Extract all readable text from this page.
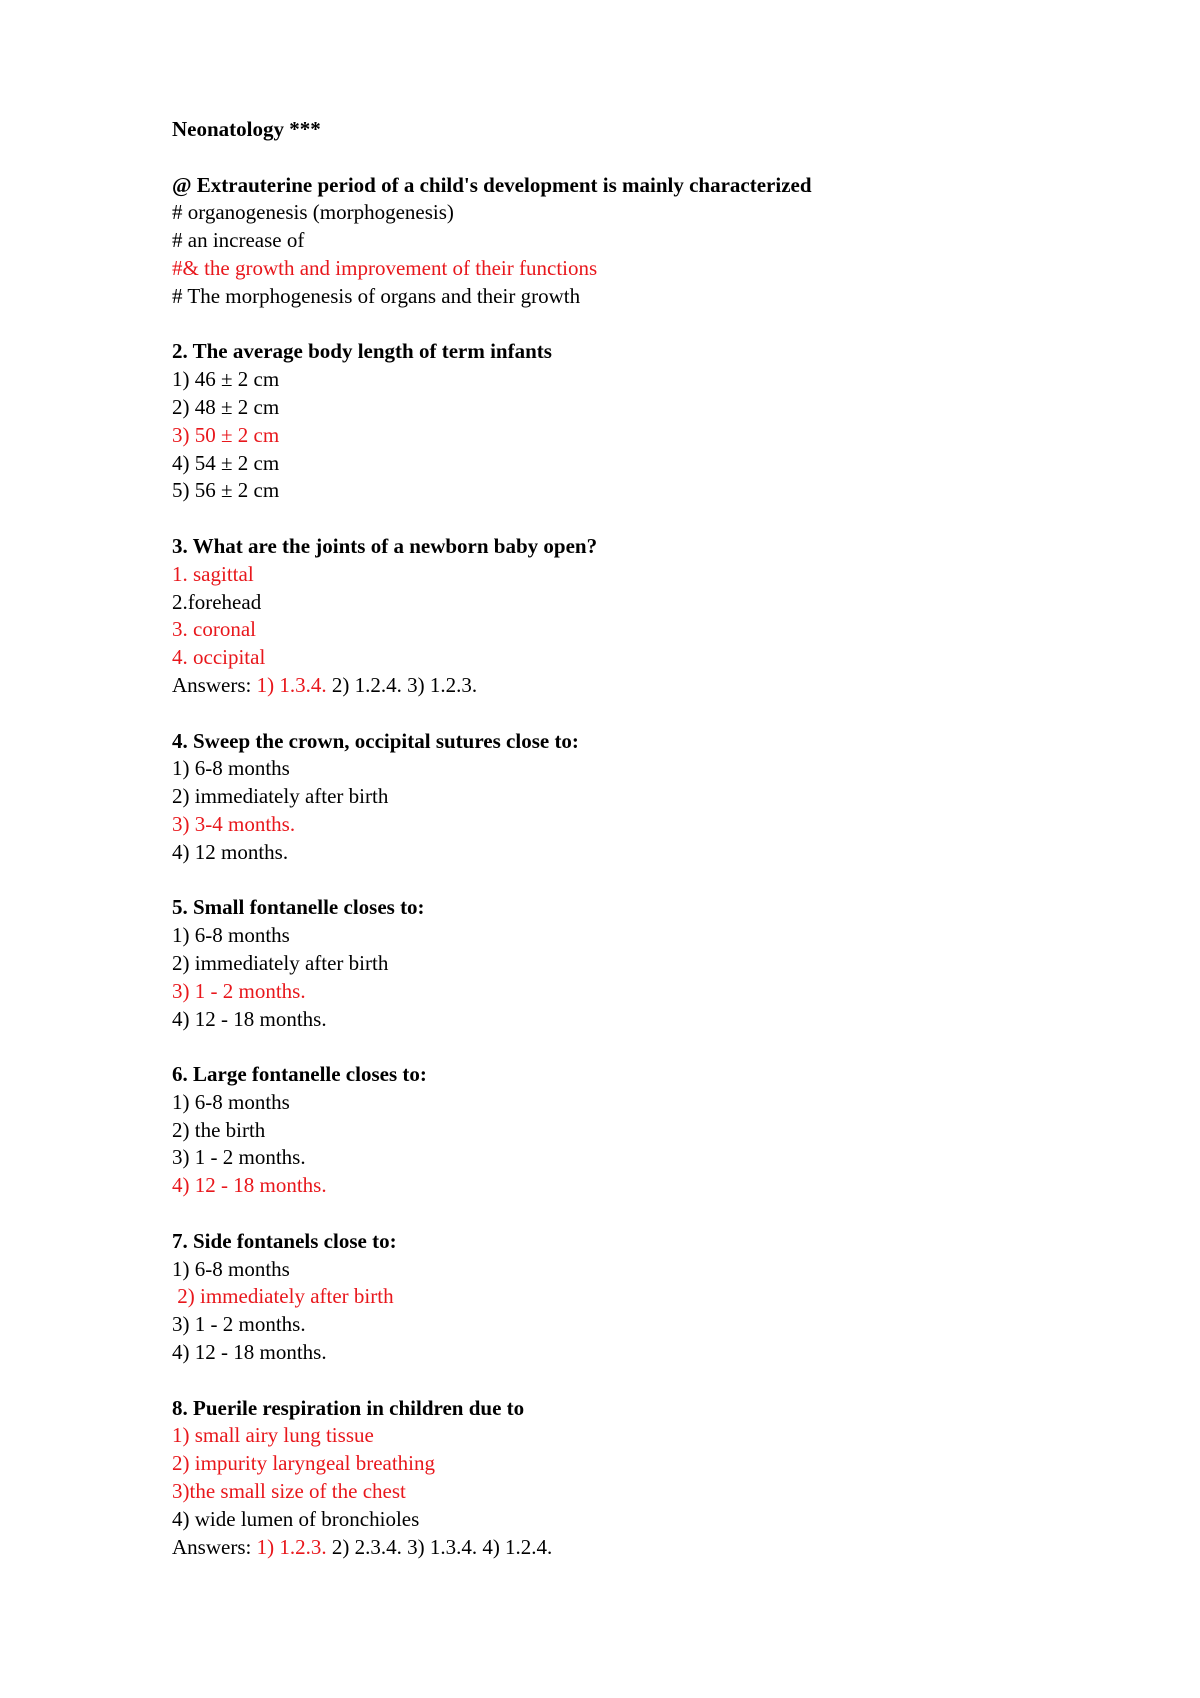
Neonatology ***
@ Extrauterine period of a child's development is mainly characterized
# organogenesis (morphogenesis)
# an increase of
#& the growth and improvement of their functions
# The morphogenesis of organs and their growth
2. The average body length of term infants
1) 46 ± 2 cm
2) 48 ± 2 cm
3) 50 ± 2 cm
4) 54 ± 2 cm
5) 56 ± 2 cm
3. What are the joints of a newborn baby open?
1. sagittal
2.forehead
3. coronal
4. occipital
Answers: 1) 1.3.4. 2) 1.2.4. 3) 1.2.3.
4. Sweep the crown, occipital sutures close to:
1) 6-8 months
2) immediately after birth
3) 3-4 months.
4) 12 months.
5. Small fontanelle closes to:
1) 6-8 months
2) immediately after birth
3) 1 - 2 months.
4) 12 - 18 months.
6. Large fontanelle closes to:
1) 6-8 months
2) the birth
3) 1 - 2 months.
4) 12 - 18 months.
7. Side fontanels close to:
1) 6-8 months
2) immediately after birth
3) 1 - 2 months.
4) 12 - 18 months.
8. Puerile respiration in children due to
1) small airy lung tissue
2) impurity laryngeal breathing
3)the small size of the chest
4) wide lumen of bronchioles
Answers: 1) 1.2.3. 2) 2.3.4. 3) 1.3.4. 4) 1.2.4.
